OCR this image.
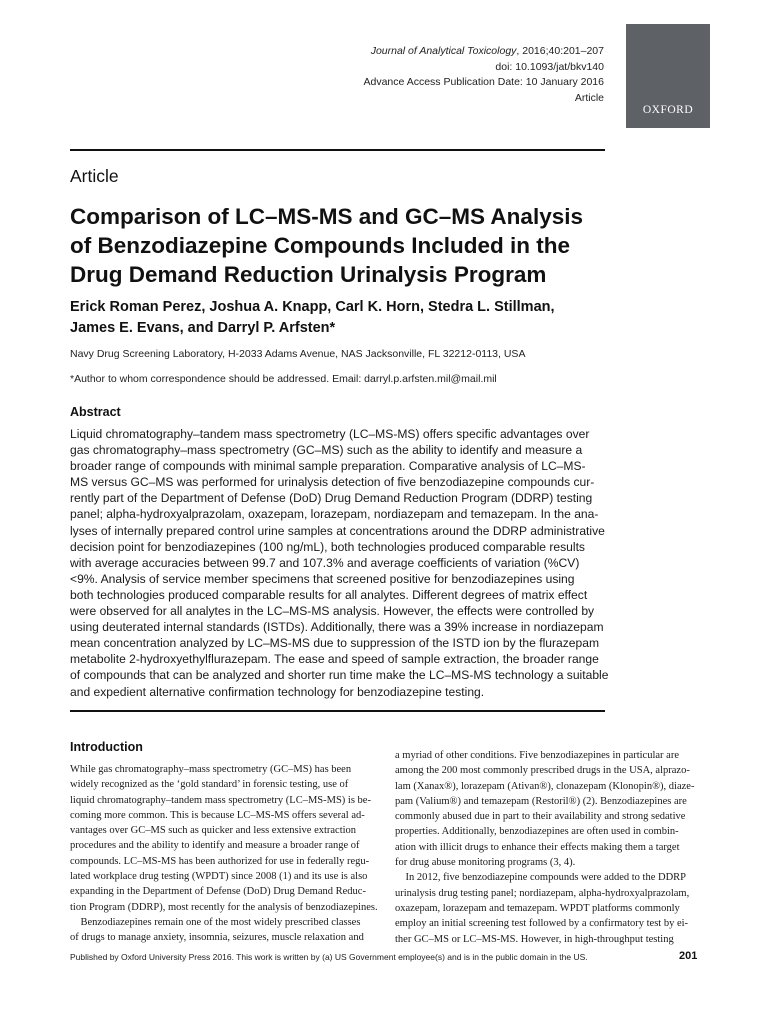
Journal of Analytical Toxicology, 2016;40:201–207
doi: 10.1093/jat/bkv140
Advance Access Publication Date: 10 January 2016
Article
OXFORD
Article
Comparison of LC–MS-MS and GC–MS Analysis
of Benzodiazepine Compounds Included in the
Drug Demand Reduction Urinalysis Program
Erick Roman Perez, Joshua A. Knapp, Carl K. Horn, Stedra L. Stillman,
James E. Evans, and Darryl P. Arfsten*
Navy Drug Screening Laboratory, H-2033 Adams Avenue, NAS Jacksonville, FL 32212-0113, USA
*Author to whom correspondence should be addressed. Email: darryl.p.arfsten.mil@mail.mil
Abstract
Liquid chromatography–tandem mass spectrometry (LC–MS-MS) offers specific advantages over
gas chromatography–mass spectrometry (GC–MS) such as the ability to identify and measure a
broader range of compounds with minimal sample preparation. Comparative analysis of LC–MS-
MS versus GC–MS was performed for urinalysis detection of five benzodiazepine compounds cur-
rently part of the Department of Defense (DoD) Drug Demand Reduction Program (DDRP) testing
panel; alpha-hydroxyalprazolam, oxazepam, lorazepam, nordiazepam and temazepam. In the ana-
lyses of internally prepared control urine samples at concentrations around the DDRP administrative
decision point for benzodiazepines (100 ng/mL), both technologies produced comparable results
with average accuracies between 99.7 and 107.3% and average coefficients of variation (%CV)
<9%. Analysis of service member specimens that screened positive for benzodiazepines using
both technologies produced comparable results for all analytes. Different degrees of matrix effect
were observed for all analytes in the LC–MS-MS analysis. However, the effects were controlled by
using deuterated internal standards (ISTDs). Additionally, there was a 39% increase in nordiazepam
mean concentration analyzed by LC–MS-MS due to suppression of the ISTD ion by the flurazepam
metabolite 2-hydroxyethylflurazepam. The ease and speed of sample extraction, the broader range
of compounds that can be analyzed and shorter run time make the LC–MS-MS technology a suitable
and expedient alternative confirmation technology for benzodiazepine testing.
Introduction
While gas chromatography–mass spectrometry (GC–MS) has been
widely recognized as the ‘gold standard’ in forensic testing, use of
liquid chromatography–tandem mass spectrometry (LC–MS-MS) is be-
coming more common. This is because LC–MS-MS offers several ad-
vantages over GC–MS such as quicker and less extensive extraction
procedures and the ability to identify and measure a broader range of
compounds. LC–MS-MS has been authorized for use in federally regu-
lated workplace drug testing (WPDT) since 2008 (1) and its use is also
expanding in the Department of Defense (DoD) Drug Demand Reduc-
tion Program (DDRP), most recently for the analysis of benzodiazepines.
Benzodiazepines remain one of the most widely prescribed classes
of drugs to manage anxiety, insomnia, seizures, muscle relaxation and
a myriad of other conditions. Five benzodiazepines in particular are
among the 200 most commonly prescribed drugs in the USA, alprazo-
lam (Xanax®), lorazepam (Ativan®), clonazepam (Klonopin®), diaze-
pam (Valium®) and temazepam (Restoril®) (2). Benzodiazepines are
commonly abused due in part to their availability and strong sedative
properties. Additionally, benzodiazepines are often used in combin-
ation with illicit drugs to enhance their effects making them a target
for drug abuse monitoring programs (3, 4).
In 2012, five benzodiazepine compounds were added to the DDRP
urinalysis drug testing panel; nordiazepam, alpha-hydroxyalprazolam,
oxazepam, lorazepam and temazepam. WPDT platforms commonly
employ an initial screening test followed by a confirmatory test by ei-
ther GC–MS or LC–MS-MS. However, in high-throughput testing
Published by Oxford University Press 2016. This work is written by (a) US Government employee(s) and is in the public domain in the US.	201
